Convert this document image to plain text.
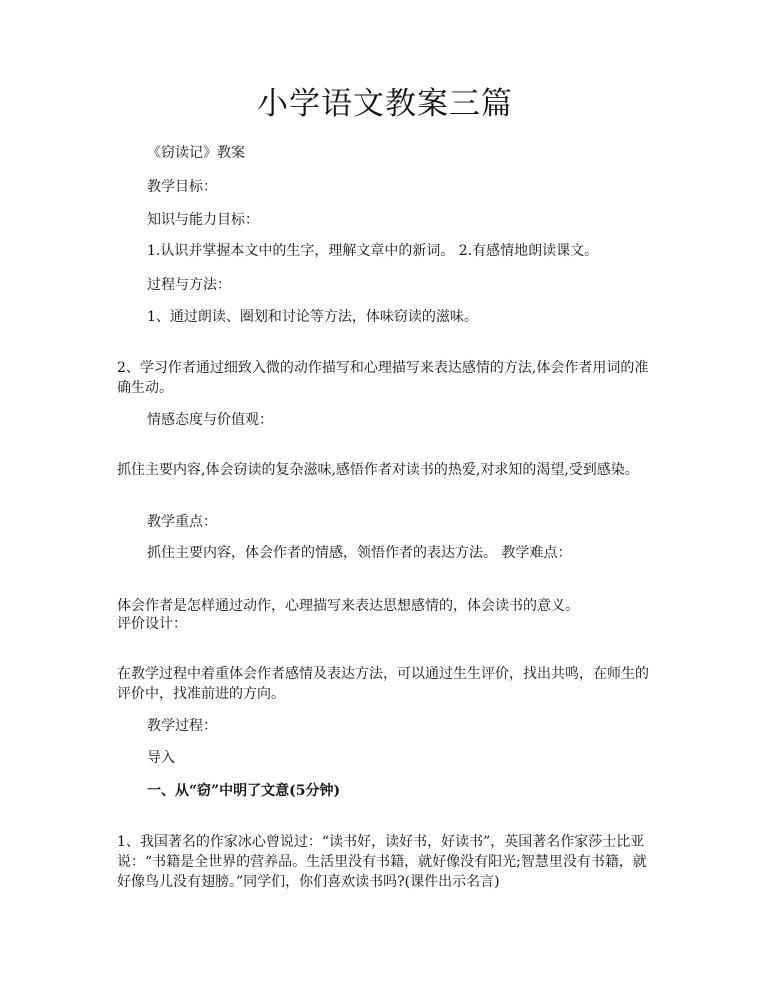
小学语文教案三篇

《窃读记》教案

教学目标：

知识与能力目标：

1.认识并掌握本文中的生字，理解文章中的新词。 2.有感情地朗读课文。

过程与方法：

1、通过朗读、圈划和讨论等方法，体味窃读的滋味。

2、学习作者通过细致入微的动作描写和心理描写来表达感情的方法,体会作者用词的准确生动。

情感态度与价值观：

抓住主要内容,体会窃读的复杂滋味,感悟作者对读书的热爱,对求知的渴望,受到感染。

教学重点：

抓住主要内容，体会作者的情感，领悟作者的表达方法。 教学难点：

体会作者是怎样通过动作，心理描写来表达思想感情的，体会读书的意义。

评价设计：

在教学过程中着重体会作者感情及表达方法，可以通过生生评价，找出共鸣，在师生的评价中，找准前进的方向。

教学过程：

导入

一、从“窃”中明了文意(5分钟)

1、我国著名的作家冰心曾说过：“读书好，读好书，好读书”，英国著名作家莎士比亚说：“书籍是全世界的营养品。生活里没有书籍，就好像没有阳光;智慧里没有书籍，就好像鸟儿没有翅膀。”同学们，你们喜欢读书吗?(课件出示名言)
